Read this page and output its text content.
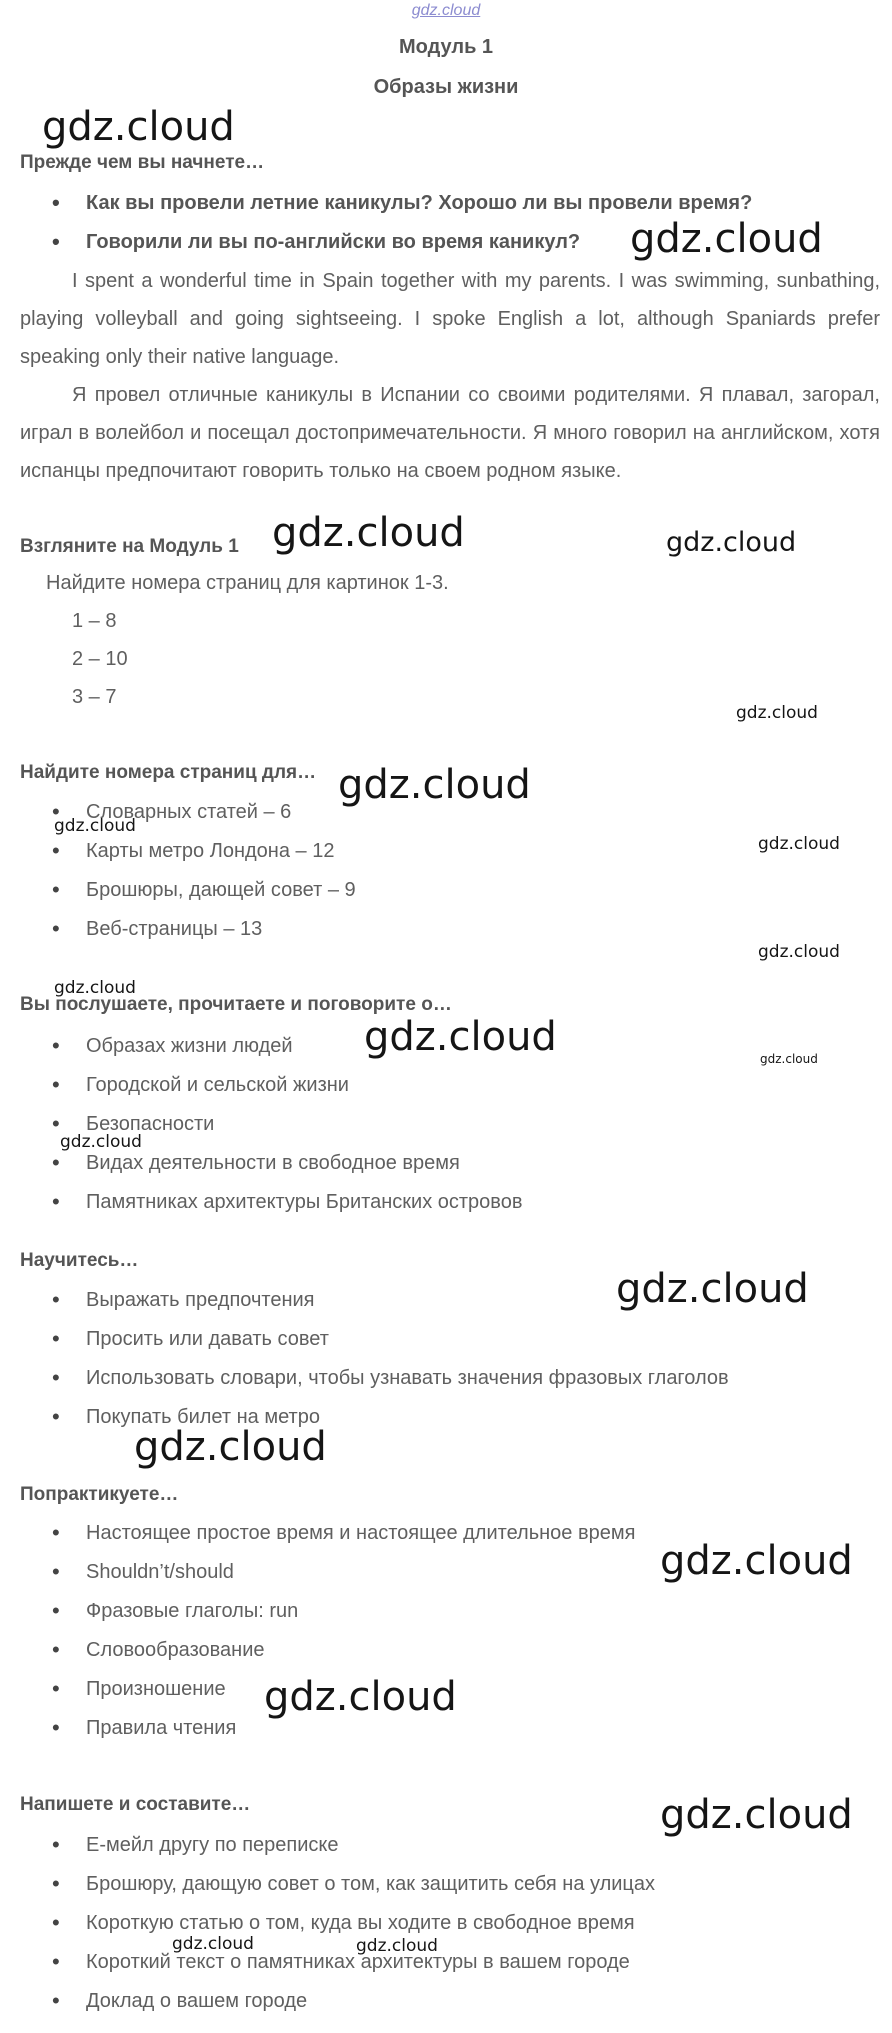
gdz.cloud
Модуль 1
Образы жизни
Прежде чем вы начнете…
• Как вы провели летние каникулы? Хорошо ли вы провели время?
• Говорили ли вы по-английски во время каникул?

I spent a wonderful time in Spain together with my parents. I was swimming, sunbathing, playing volleyball and going sightseeing. I spoke English a lot, although Spaniards prefer speaking only their native language.

Я провел отличные каникулы в Испании со своими родителями. Я плавал, загорал, играл в волейбол и посещал достопримечательности. Я много говорил на английском, хотя испанцы предпочитают говорить только на своем родном языке.

Взгляните на Модуль 1
Найдите номера страниц для картинок 1-3.
1 – 8
2 – 10
3 – 7
Найдите номера страниц для…
• Словарных статей – 6
• Карты метро Лондона – 12
• Брошюры, дающей совет – 9
• Веб-страницы – 13
Вы послушаете, прочитаете и поговорите о…
• Образах жизни людей
• Городской и сельской жизни
• Безопасности
• Видах деятельности в свободное время
• Памятниках архитектуры Британских островов
Научитесь…
• Выражать предпочтения
• Просить или давать совет
• Использовать словари, чтобы узнавать значения фразовых глаголов
• Покупать билет на метро
Попрактикуете…
• Настоящее простое время и настоящее длительное время
• Shouldn’t/should
• Фразовые глаголы: run
• Словообразование
• Произношение
• Правила чтения
Напишете и составите…
• Е-мейл другу по переписке
• Брошюру, дающую совет о том, как защитить себя на улицах
• Короткую статью о том, куда вы ходите в свободное время
• Короткий текст о памятниках архитектуры в вашем городе
• Доклад о вашем городе
gdz.cloud
gdz.cloud
gdz.cloud	gdz.cloud
gdz.cloud
gdz.cloud
gdz.cloud
gdz.cloud
gdz.cloud
gdz.cloud
gdz.cloud	gdz.cloud
gdz.cloud
gdz.cloud
gdz.cloud
gdz.cloud
gdz.cloud
gdz.cloud
gdz.cloud	gdz.cloud
